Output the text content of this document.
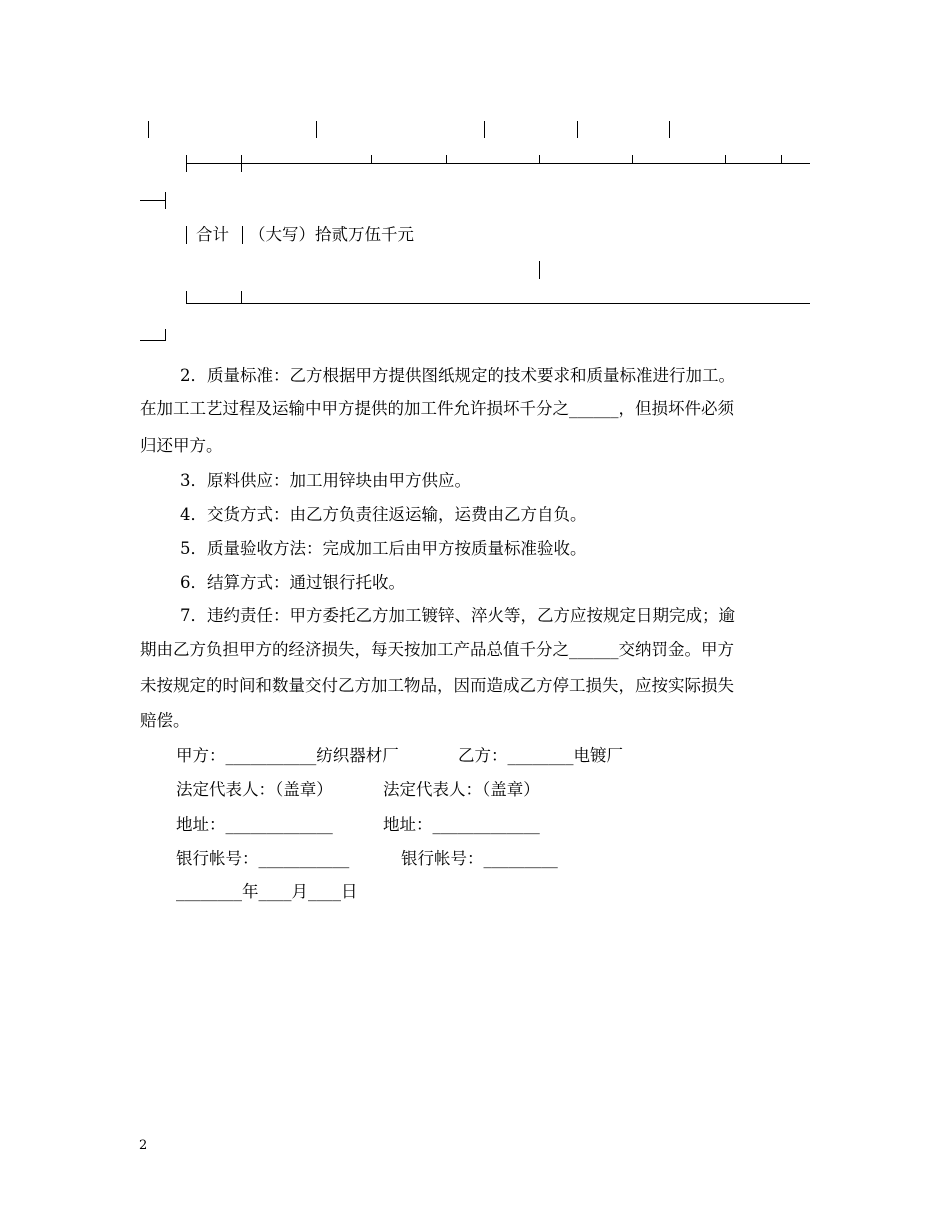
合计 （大写）拾贰万伍千元
2．质量标准：乙方根据甲方提供图纸规定的技术要求和质量标准进行加工。
在加工工艺过程及运输中甲方提供的加工件允许损坏千分之______，但损坏件必须
归还甲方。
3．原料供应：加工用锌块由甲方供应。
4．交货方式：由乙方负责往返运输，运费由乙方自负。
5．质量验收方法：完成加工后由甲方按质量标准验收。
6．结算方式：通过银行托收。
7．违约责任：甲方委托乙方加工镀锌、淬火等，乙方应按规定日期完成；逾
期由乙方负担甲方的经济损失，每天按加工产品总值千分之______交纳罚金。甲方
未按规定的时间和数量交付乙方加工物品，因而造成乙方停工损失，应按实际损失
赔偿。
甲方：___________纺织器材厂	乙方：________电镀厂
法定代表人：（盖章）	法定代表人：（盖章）
地址：_____________	地址：_____________
银行帐号：___________	银行帐号：_________
________年____月____日
2
